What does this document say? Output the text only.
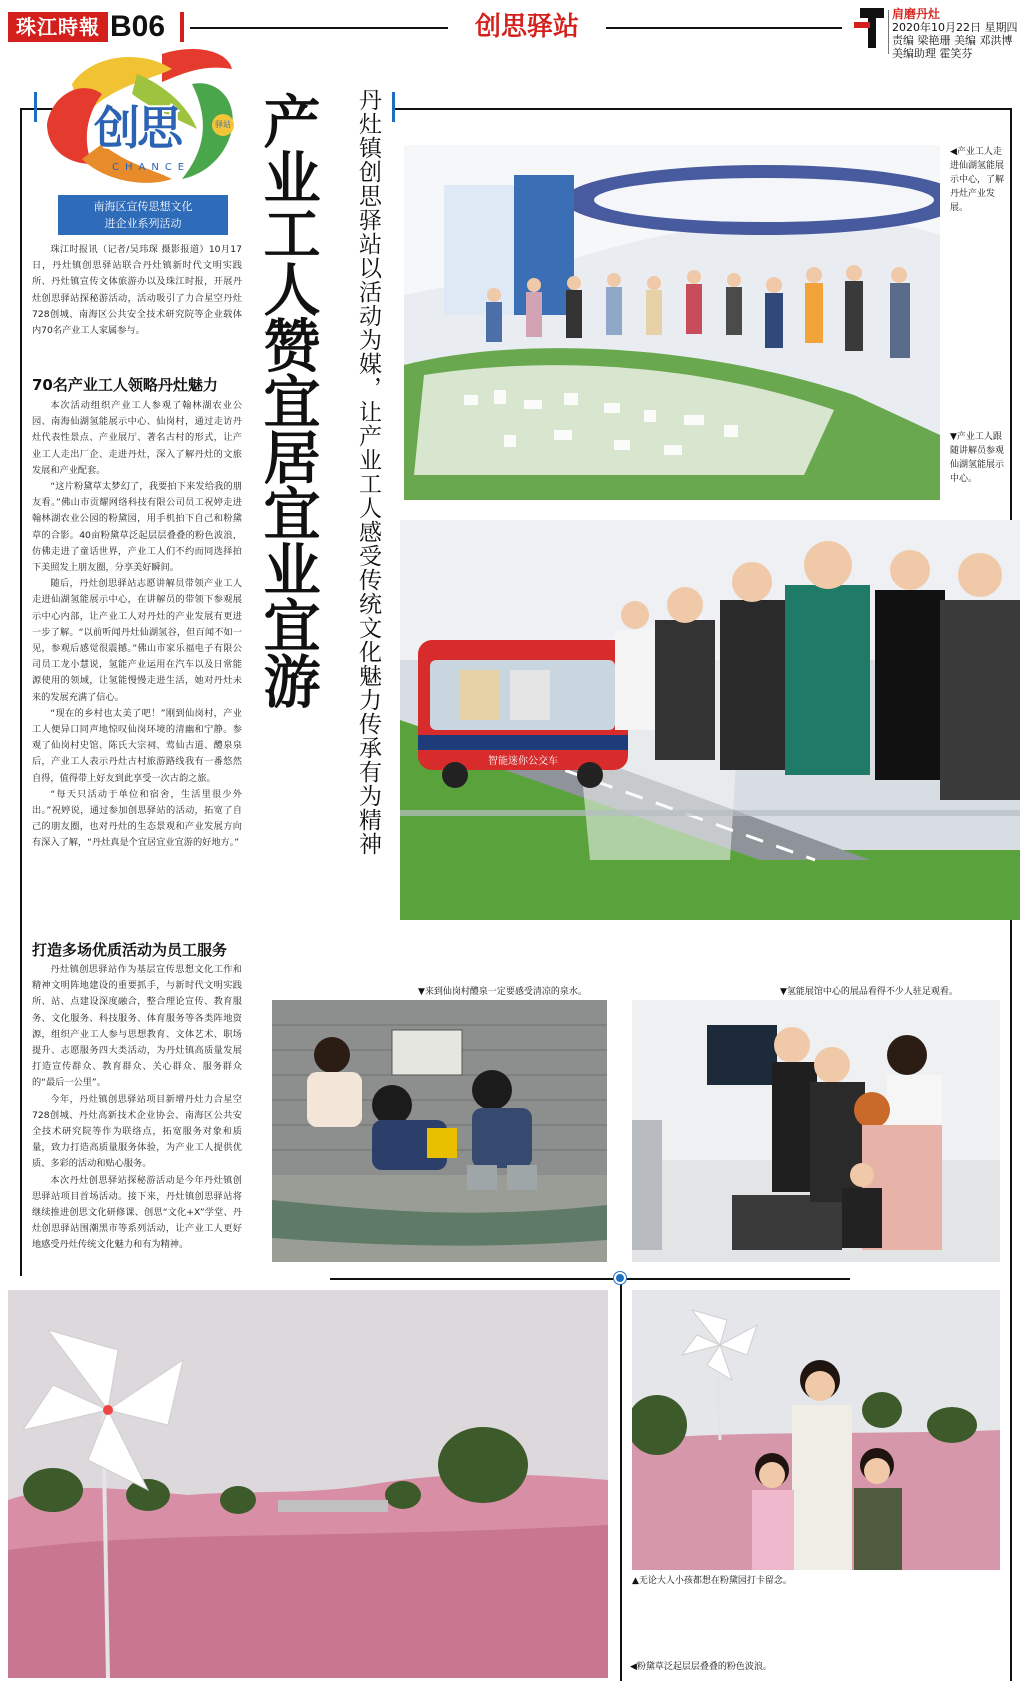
珠江時報 B06	创思驿站	肩磨丹灶
2020年10月22日 星期四
责编 梁艳珊 美编 邓洪博
美编助理 霍笑芬
创思	驿站
CHANCE
南海区宣传思想文化
进企业系列活动	产业工人赞宜居宜业宜游	丹灶镇创思驿站以活动为媒，让产业工人感受传统文化魅力传承有为精神

珠江时报讯（记者/吴玮琛 摄影报道）10月17日，丹灶镇创思驿站联合丹灶镇新时代文明实践所、丹灶镇宣传文体旅游办以及珠江时报，开展丹灶创思驿站探秘游活动，活动吸引了力合星空丹灶728创城、南海区公共安全技术研究院等企业载体内70名产业工人家属参与。

70名产业工人领略丹灶魅力

本次活动组织产业工人参观了翰林湖农业公园、南海仙湖氢能展示中心、仙岗村，通过走访丹灶代表性景点、产业展厅、著名古村的形式，让产业工人走出厂企、走进丹灶，深入了解丹灶的文旅发展和产业配套。

“这片粉黛草太梦幻了，我要拍下来发给我的朋友看。”佛山市贡耀网络科技有限公司员工祝婷走进翰林湖农业公园的粉黛园，用手机拍下自己和粉黛草的合影。40亩粉黛草泛起层层叠叠的粉色波浪，仿佛走进了童话世界，产业工人们不约而同选择拍下美照发上朋友圈，分享美好瞬间。

随后，丹灶创思驿站志愿讲解员带领产业工人走进仙湖氢能展示中心，在讲解员的带领下参观展示中心内部，让产业工人对丹灶的产业发展有更进一步了解。“以前听闻丹灶仙湖氢谷，但百闻不如一见，参观后感觉很震撼。”佛山市家乐福电子有限公司员工龙小慧说，氢能产业运用在汽车以及日常能源使用的领域，让氢能慢慢走进生活，她对丹灶未来的发展充满了信心。

“现在的乡村也太美了吧！”刚到仙岗村，产业工人便异口同声地惊叹仙岗环境的清幽和宁静。参观了仙岗村史馆、陈氏大宗祠、莺仙古道、醴泉泉后，产业工人表示丹灶古村旅游路线我有一番悠然自得，值得带上好友到此享受一次古韵之旅。

“每天只活动于单位和宿舍，生活里很少外出。”祝婷说，通过参加创思驿站的活动，拓宽了自己的朋友圈，也对丹灶的生态景观和产业发展方向有深入了解，“丹灶真是个宜居宜业宜游的好地方。”

打造多场优质活动为员工服务

丹灶镇创思驿站作为基层宣传思想文化工作和精神文明阵地建设的重要抓手，与新时代文明实践所、站、点建设深度融合，整合理论宣传、教育服务、文化服务、科技服务、体育服务等各类阵地资源，组织产业工人参与思想教育、文体艺术、职场提升、志愿服务四大类活动，为丹灶镇高质量发展打造宣传群众、教育群众、关心群众、服务群众的“最后一公里”。

今年，丹灶镇创思驿站项目新增丹灶力合星空728创城、丹灶高新技术企业协会、南海区公共安全技术研究院等作为联络点，拓宽服务对象和质量，致力打造高质量服务体验，为产业工人提供优质、多彩的活动和贴心服务。

本次丹灶创思驿站探秘游活动是今年丹灶镇创思驿站项目首场活动。接下来，丹灶镇创思驿站将继续推进创思文化研修课、创思“文化+X”学堂、丹灶创思驿站围潮黑市等系列活动，让产业工人更好地感受丹灶传统文化魅力和有为精神。

◀产业工人走进仙湖氢能展示中心，了解丹灶产业发展。
▼产业工人跟随讲解员参观仙湖氢能展示中心。
智能迷你公交车
▼来到仙岗村醴泉一定要感受清凉的泉水。	▼氢能展馆中心的展品看得不少人驻足观看。
◀粉黛草泛起层层叠叠的粉色波浪。
▲无论大人小孩都想在粉黛园打卡留念。
